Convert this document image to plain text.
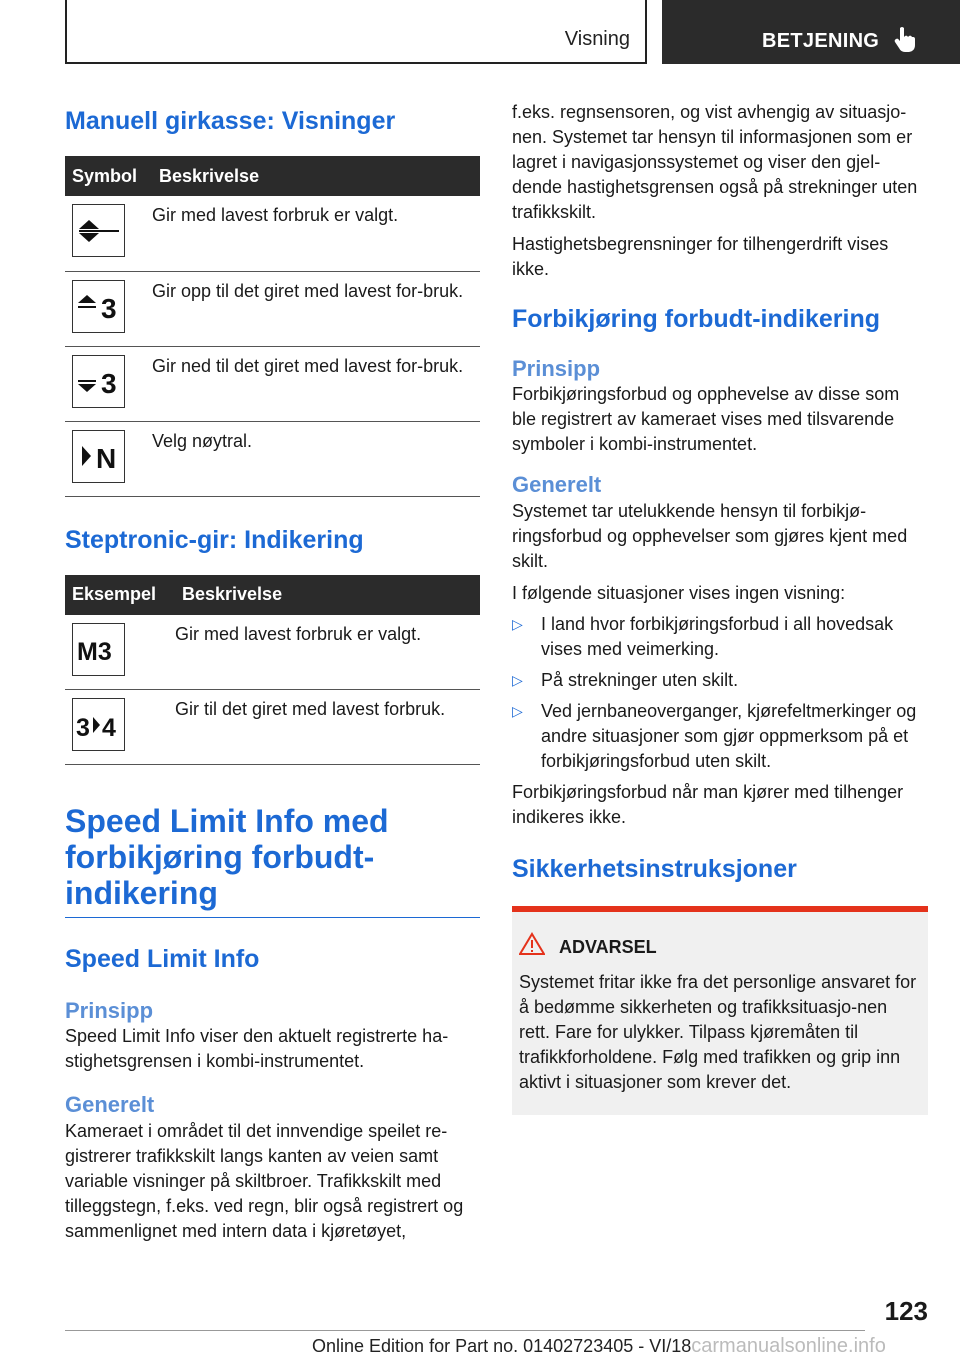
Visning	BETJENING
Manuell girkasse: Visninger
Symbol	Beskrivelse

	Gir med lavest forbruk er valgt.

3	Gir opp til det giret med lavest for-bruk.

3	Gir ned til det giret med lavest for-bruk.

N	Velg nøytral.
Steptronic-gir: Indikering
Eksempel	Beskrivelse

M3	Gir med lavest forbruk er valgt.

3 4	Gir til det giret med lavest forbruk.
Speed Limit Info med forbikjøring forbudt-indikering
Speed Limit Info
Prinsipp

Speed Limit Info viser den aktuelt registrerte ha-stighetsgrensen i kombi-instrumentet.

Generelt

Kameraet i området til det innvendige speilet re-gistrerer trafikkskilt langs kanten av veien samt variable visninger på skiltbroer. Trafikkskilt med tilleggstegn, f.eks. ved regn, blir også registrert og sammenlignet med intern data i kjøretøyet,

f.eks. regnsensoren, og vist avhengig av situasjo-nen. Systemet tar hensyn til informasjonen som er lagret i navigasjonssystemet og viser den gjel-dende hastighetsgrensen også på strekninger uten trafikkskilt.

Hastighetsbegrensninger for tilhengerdrift vises ikke.

Forbikjøring forbudt-indikering
Prinsipp

Forbikjøringsforbud og opphevelse av disse som ble registrert av kameraet vises med tilsvarende symboler i kombi-instrumentet.

Generelt

Systemet tar utelukkende hensyn til forbikjø-ringsforbud og opphevelser som gjøres kjent med skilt.

I følgende situasjoner vises ingen visning:

▷ I land hvor forbikjøringsforbud i all hovedsak vises med veimerking.
▷ På strekninger uten skilt.
▷ Ved jernbaneoverganger, kjørefeltmerkinger og andre situasjoner som gjør oppmerksom på et forbikjøringsforbud uten skilt.

Forbikjøringsforbud når man kjører med tilhenger indikeres ikke.

Sikkerhetsinstruksjoner
ADVARSEL

Systemet fritar ikke fra det personlige ansvaret for å bedømme sikkerheten og trafikksituasjo-nen rett. Fare for ulykker. Tilpass kjøremåten til trafikkforholdene. Følg med trafikken og grip inn aktivt i situasjoner som krever det.

123
Online Edition for Part no. 01402723405 - VI/18carmanualsonline.info
